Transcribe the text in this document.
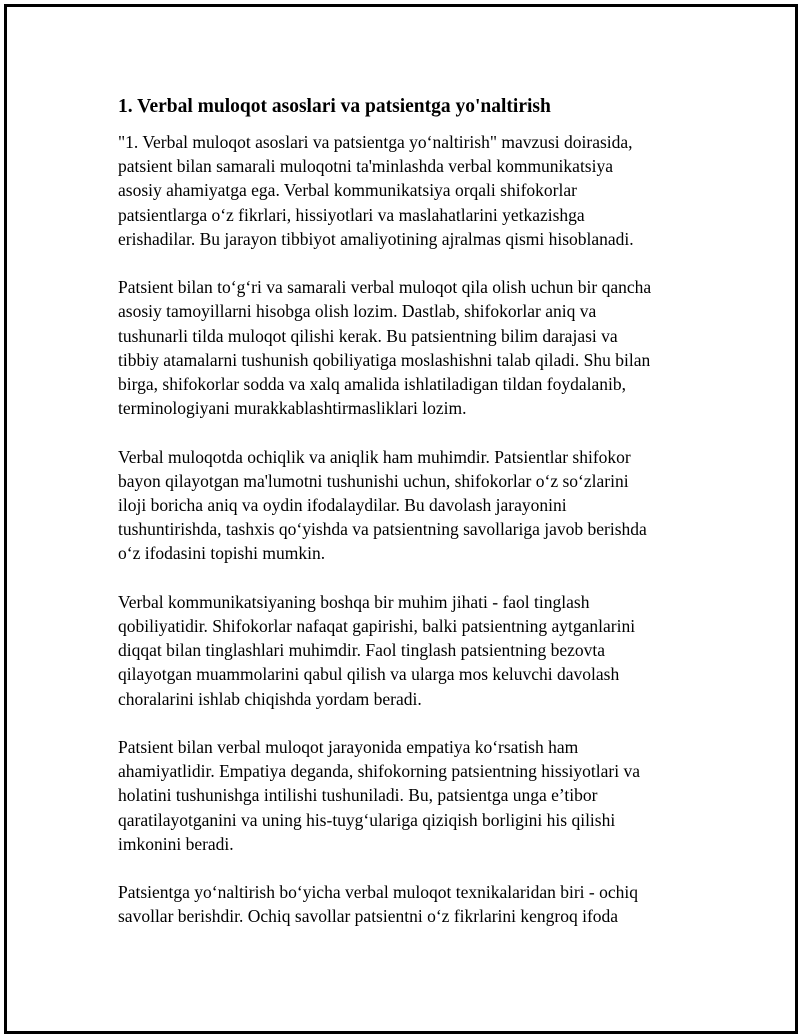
1. Verbal muloqot asoslari va patsientga yo'naltirish

"1. Verbal muloqot asoslari va patsientga yo‘naltirish" mavzusi doirasida,
patsient bilan samarali muloqotni ta'minlashda verbal kommunikatsiya
asosiy ahamiyatga ega. Verbal kommunikatsiya orqali shifokorlar
patsientlarga o‘z fikrlari, hissiyotlari va maslahatlarini yetkazishga
erishadilar. Bu jarayon tibbiyot amaliyotining ajralmas qismi hisoblanadi.

Patsient bilan to‘g‘ri va samarali verbal muloqot qila olish uchun bir qancha
asosiy tamoyillarni hisobga olish lozim. Dastlab, shifokorlar aniq va
tushunarli tilda muloqot qilishi kerak. Bu patsientning bilim darajasi va
tibbiy atamalarni tushunish qobiliyatiga moslashishni talab qiladi. Shu bilan
birga, shifokorlar sodda va xalq amalida ishlatiladigan tildan foydalanib,
terminologiyani murakkablashtirmasliklari lozim.

Verbal muloqotda ochiqlik va aniqlik ham muhimdir. Patsientlar shifokor
bayon qilayotgan ma'lumotni tushunishi uchun, shifokorlar o‘z so‘zlarini
iloji boricha aniq va oydin ifodalaydilar. Bu davolash jarayonini
tushuntirishda, tashxis qo‘yishda va patsientning savollariga javob berishda
o‘z ifodasini topishi mumkin.

Verbal kommunikatsiyaning boshqa bir muhim jihati - faol tinglash
qobiliyatidir. Shifokorlar nafaqat gapirishi, balki patsientning aytganlarini
diqqat bilan tinglashlari muhimdir. Faol tinglash patsientning bezovta
qilayotgan muammolarini qabul qilish va ularga mos keluvchi davolash
choralarini ishlab chiqishda yordam beradi.

Patsient bilan verbal muloqot jarayonida empatiya ko‘rsatish ham
ahamiyatlidir. Empatiya deganda, shifokorning patsientning hissiyotlari va
holatini tushunishga intilishi tushuniladi. Bu, patsientga unga e’tibor
qaratilayotganini va uning his-tuyg‘ulariga qiziqish borligini his qilishi
imkonini beradi.

Patsientga yo‘naltirish bo‘yicha verbal muloqot texnikalaridan biri - ochiq
savollar berishdir. Ochiq savollar patsientni o‘z fikrlarini kengroq ifoda
